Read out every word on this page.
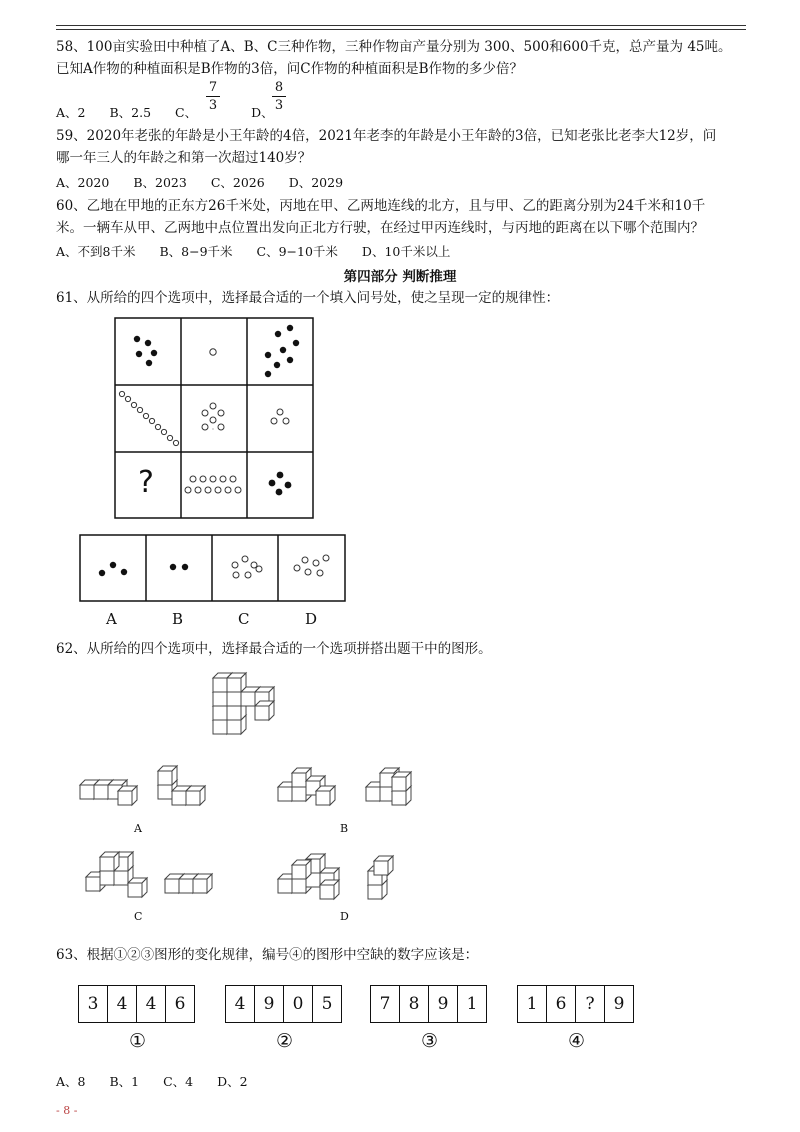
58、100亩实验田中种植了A、B、C三种作物，三种作物亩产量分别为 300、500和600千克，总产量为 45吨。
已知A作物的种植面积是B作物的3倍，问C作物的种植面积是B作物的多少倍？
A、2 B、2.5 C、	D、
7
3
8
3
59、2020年老张的年龄是小王年龄的4倍，2021年老李的年龄是小王年龄的3倍，已知老张比老李大12岁，问
哪一年三人的年龄之和第一次超过140岁？
A、2020 B、2023 C、2026 D、2029
60、乙地在甲地的正东方26千米处，丙地在甲、乙两地连线的北方，且与甲、乙的距离分别为24千米和10千
米。一辆车从甲、乙两地中点位置出发向正北方行驶，在经过甲丙连线时，与丙地的距离在以下哪个范围内？
A、不到8千米 B、8−9千米 C、9−10千米 D、10千米以上
第四部分 判断推理
61、从所给的四个选项中，选择最合适的一个填入问号处，使之呈现一定的规律性：
?
A	B	C	D
62、从所给的四个选项中，选择最合适的一个选项拼搭出题干中的图形。
A	B
C	D
63、根据①②③图形的变化规律，编号④的图形中空缺的数字应该是：
3	4	4	6
①
4	9	0	5
②
7	8	9	1
③
1	6	?	9
④
A、8 B、1 C、4 D、2
- 8 -
